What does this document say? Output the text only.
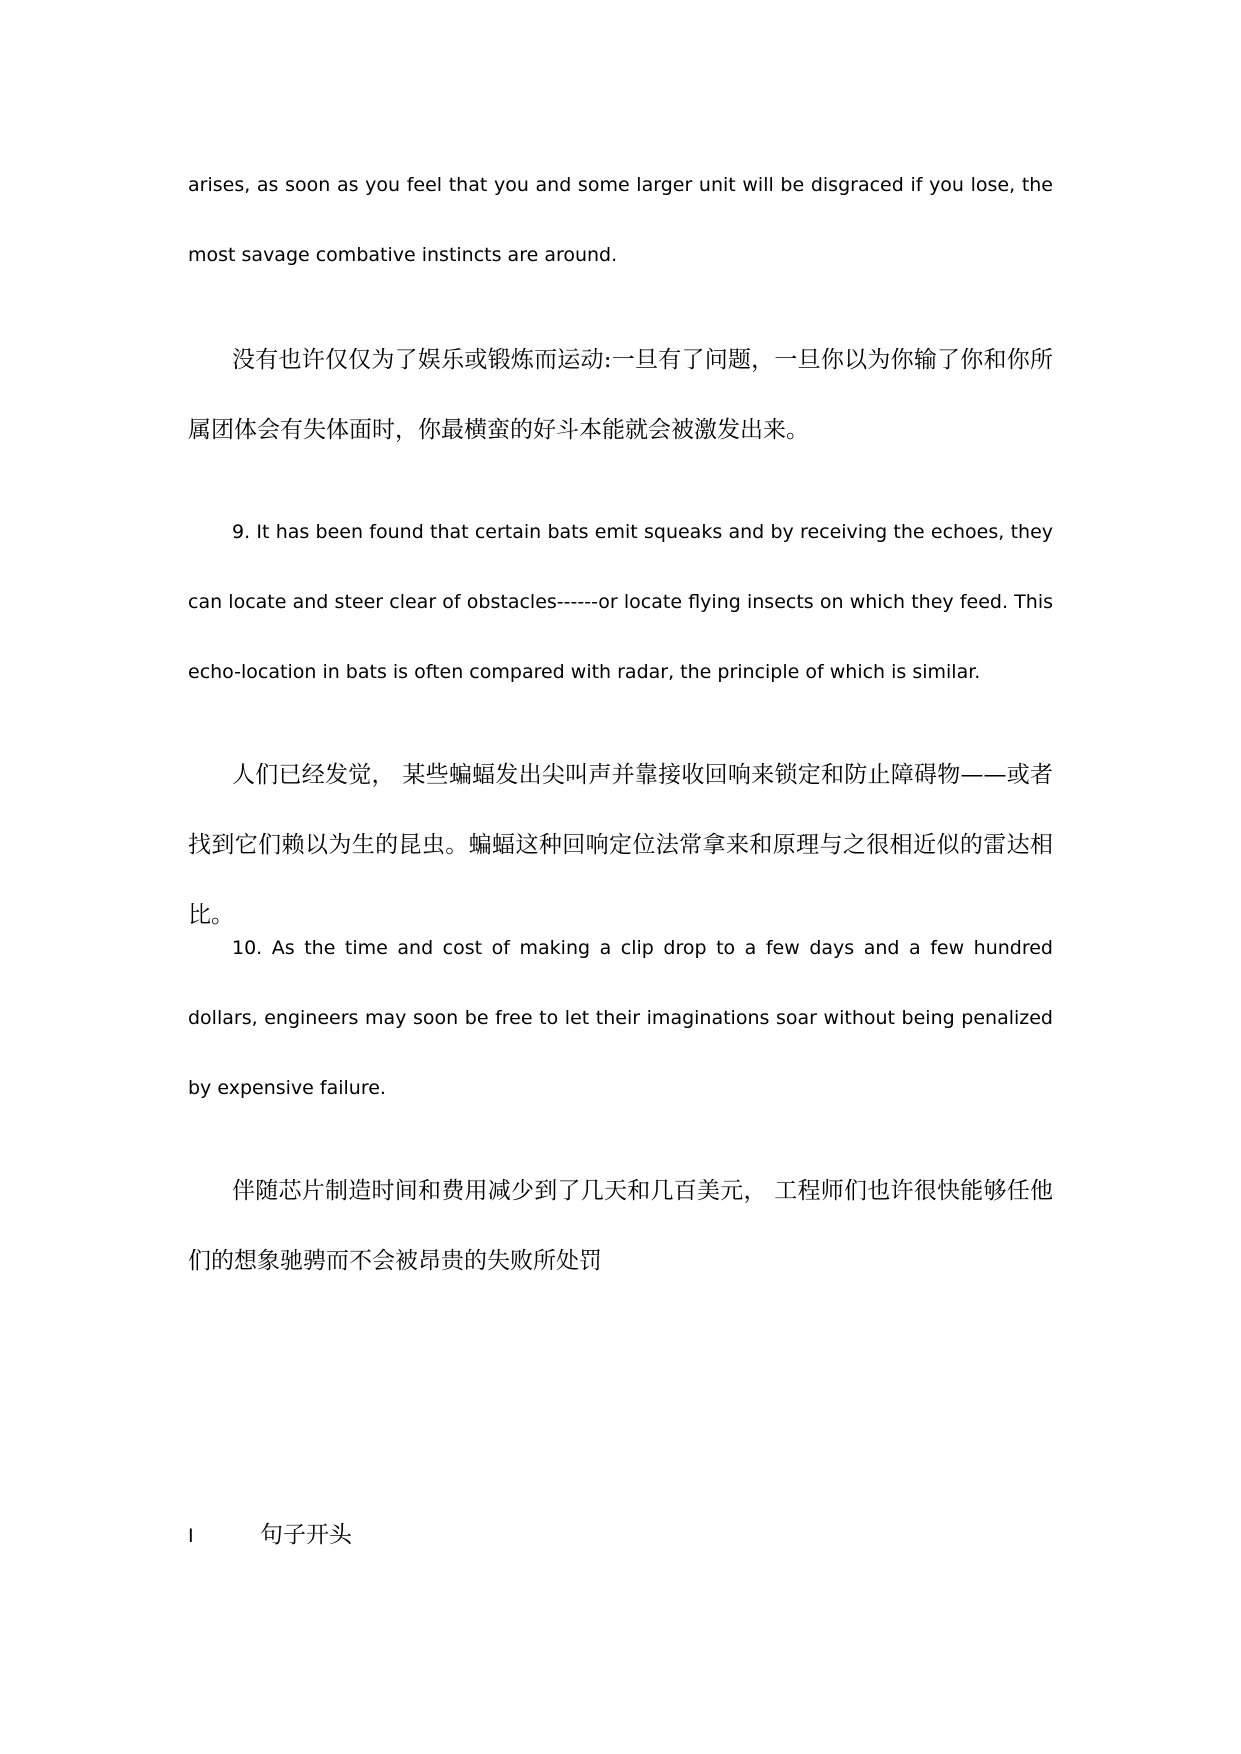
arises, as soon as you feel that you and some larger unit will be disgraced if you lose, the most savage combative instincts are around.

没有也许仅仅为了娱乐或锻炼而运动:一旦有了问题，一旦你以为你输了你和你所属团体会有失体面时，你最横蛮的好斗本能就会被激发出来。

9. It has been found that certain bats emit squeaks and by receiving the echoes, they can locate and steer clear of obstacles------or locate flying insects on which they feed. This echo-location in bats is often compared with radar, the principle of which is similar.

人们已经发觉， 某些蝙蝠发出尖叫声并靠接收回响来锁定和防止障碍物——或者找到它们赖以为生的昆虫。蝙蝠这种回响定位法常拿来和原理与之很相近似的雷达相比。

10. As the time and cost of making a clip drop to a few days and a few hundred dollars, engineers may soon be free to let their imaginations soar without being penalized by expensive failure.

伴随芯片制造时间和费用减少到了几天和几百美元， 工程师们也许很快能够任他们的想象驰骋而不会被昂贵的失败所处罚

I	句子开头
